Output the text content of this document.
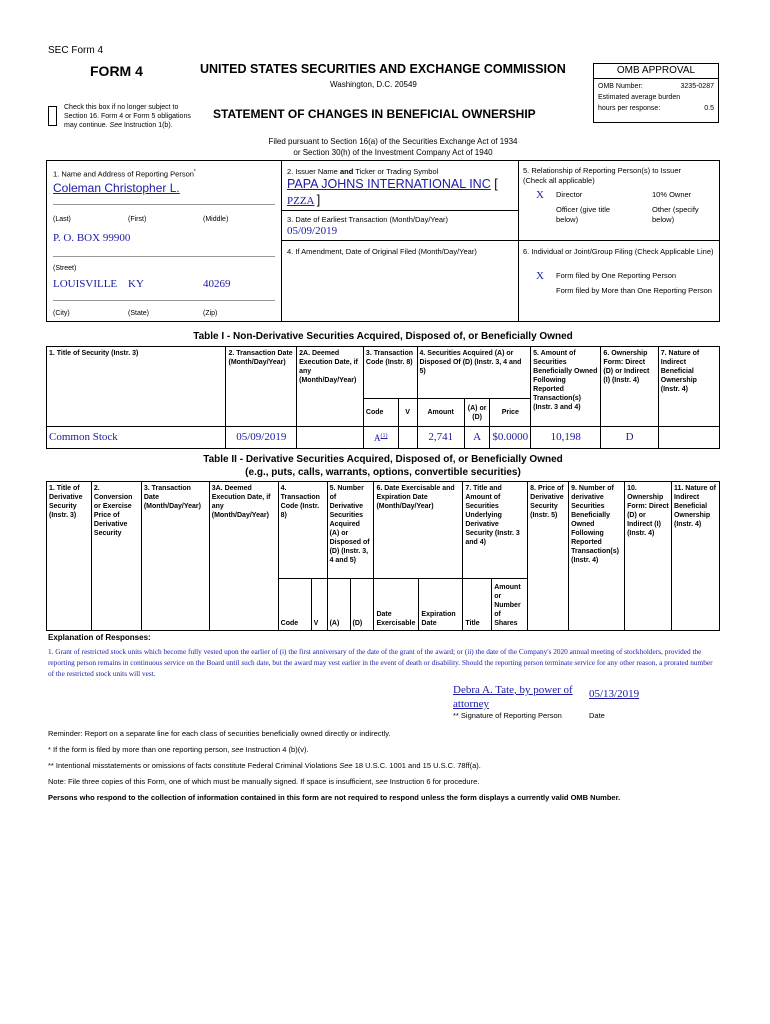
SEC Form 4
FORM 4	UNITED STATES SECURITIES AND EXCHANGE COMMISSION
Washington, D.C. 20549
Check this box if no longer subject to Section 16. Form 4 or Form 5 obligations may continue. See Instruction 1(b).
STATEMENT OF CHANGES IN BENEFICIAL OWNERSHIP
Filed pursuant to Section 16(a) of the Securities Exchange Act of 1934
or Section 30(h) of the Investment Company Act of 1940
OMB APPROVAL
OMB Number:	3235-0287
Estimated average burden
hours per response:	0.5
1. Name and Address of Reporting Person*
Coleman Christopher L.
(Last)	(First)	(Middle)
P. O. BOX 99900
(Street)
LOUISVILLE KY	40269
(City)	(State)	(Zip)
2. Issuer Name and Ticker or Trading Symbol
PAPA JOHNS INTERNATIONAL INC [
PZZA ]
3. Date of Earliest Transaction (Month/Day/Year)
05/09/2019
4. If Amendment, Date of Original Filed (Month/Day/Year)
5. Relationship of Reporting Person(s) to Issuer
(Check all applicable)
X Director	10% Owner
Officer (give title below)
Other (specify below)
6. Individual or Joint/Group Filing (Check Applicable Line)
X Form filed by One Reporting Person
Form filed by More than One Reporting Person
Table I - Non-Derivative Securities Acquired, Disposed of, or Beneficially Owned
1. Title of Security (Instr. 3)	2. Transaction Date (Month/Day/Year)	2A. Deemed Execution Date, if any (Month/Day/Year)	3. Transaction Code (Instr. 8)		4. Securities Acquired (A) or Disposed Of (D) (Instr. 3, 4 and 5)			5. Amount of Securities Beneficially Owned Following Reported Transaction(s) (Instr. 3 and 4)	6. Ownership Form: Direct (D) or Indirect (I) (Instr. 4)	7. Nature of Indirect Beneficial Ownership (Instr. 4)
			Code	V	Amount	(A) or (D)	Price			
Common Stock	05/09/2019		$A^{(1)}$		2,741	A	$0.0000	10,198	D	
Table II - Derivative Securities Acquired, Disposed of, or Beneficially Owned
(e.g., puts, calls, warrants, options, convertible securities)
1. Title of Derivative Security (Instr. 3)	2. Conversion or Exercise Price of Derivative Security	3. Transaction Date (Month/Day/Year)	3A. Deemed Execution Date, if any (Month/Day/Year)	4. Transaction Code (Instr. 8)		5. Number of Derivative Securities Acquired (A) or Disposed of (D) (Instr. 3, 4 and 5)		6. Date Exercisable and Expiration Date (Month/Day/Year)		7. Title and Amount of Securities Underlying Derivative Security (Instr. 3 and 4)		8. Price of Derivative Security (Instr. 5)	9. Number of derivative Securities Beneficially Owned Following Reported Transaction(s) (Instr. 4)	10. Ownership Form: Direct (D) or Indirect (I) (Instr. 4)	11. Nature of Indirect Beneficial Ownership (Instr. 4)
				Code	V	(A)	(D)	Date Exercisable	Expiration Date	Title	Amount or Number of Shares				
Explanation of Responses:
1. Grant of restricted stock units which become fully vested upon the earlier of (i) the first anniversary of the date of the grant of the award; or (ii) the date of the Company's 2020 annual meeting of stockholders, provided the reporting person remains in continuous service on the Board until such date, but the award may vest earlier in the event of death or disability. Should the reporting person terminate service for any other reason, a prorated number of the restricted stock units will vest.
Debra A. Tate, by power of attorney
05/13/2019
** Signature of Reporting Person	Date
Reminder: Report on a separate line for each class of securities beneficially owned directly or indirectly.
* If the form is filed by more than one reporting person, see Instruction 4 (b)(v).
** Intentional misstatements or omissions of facts constitute Federal Criminal Violations See 18 U.S.C. 1001 and 15 U.S.C. 78ff(a).
Note: File three copies of this Form, one of which must be manually signed. If space is insufficient, see Instruction 6 for procedure.
Persons who respond to the collection of information contained in this form are not required to respond unless the form displays a currently valid OMB Number.
